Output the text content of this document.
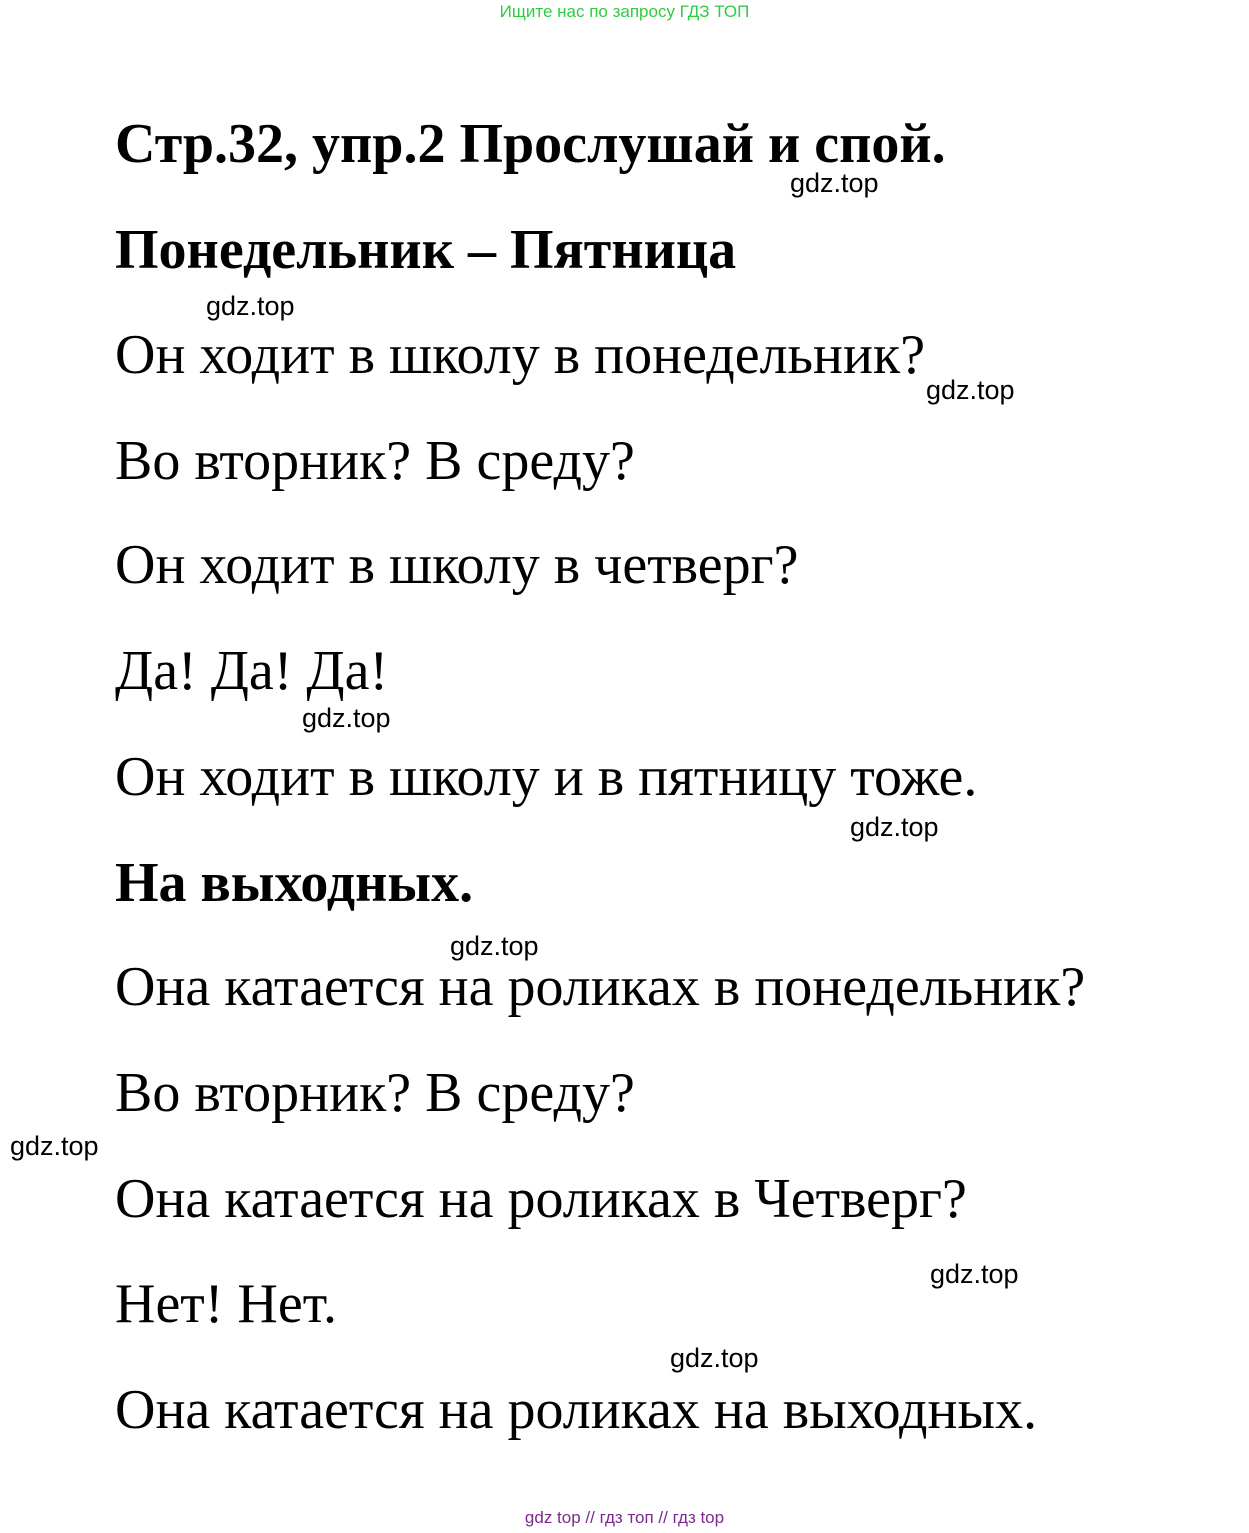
Ищите нас по запросу ГДЗ ТОП
Стр.32, упр.2 Прослушай и спой.
Понедельник – Пятница
Он ходит в школу в понедельник?
Во вторник? В среду?
Он ходит в школу в четверг?
Да! Да! Да!
Он ходит в школу и в пятницу тоже.
На выходных.
Она катается на роликах в понедельник?
Во вторник? В среду?
Она катается на роликах в Четверг?
Нет! Нет.
Она катается на роликах на выходных.
gdz.top
gdz.top
gdz.top
gdz.top
gdz.top
gdz.top
gdz.top
gdz.top
gdz.top
gdz top // гдз топ // гдз top
